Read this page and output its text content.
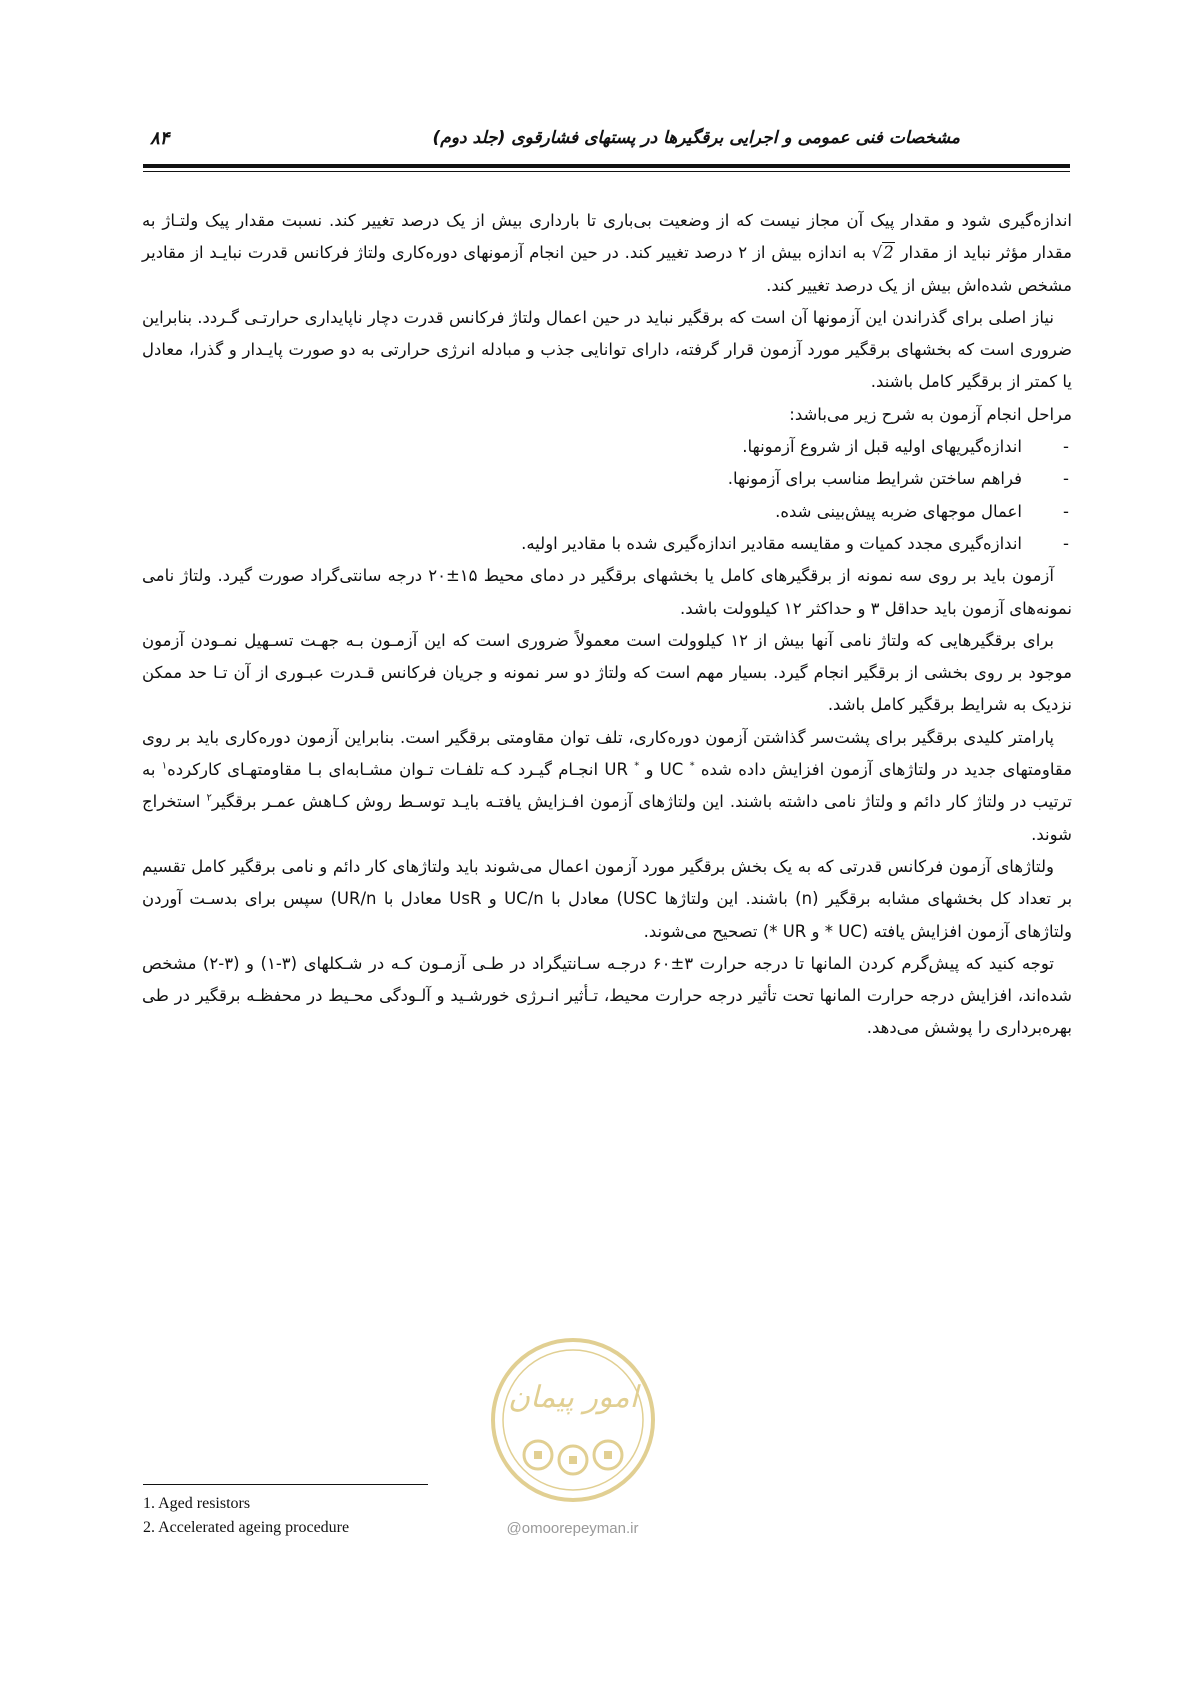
مشخصات فنی عمومی و اجرایی برقگیرها در پستهای فشارقوی (جلد دوم)
۸۴

اندازه‌گیری شود و مقدار پیک آن مجاز نیست که از وضعیت بی‌باری تا بارداری بیش از یک درصد تغییر کند. نسبت مقدار پیک ولتـاژ به مقدار مؤثر نباید از مقدار √2 به اندازه بیش از ۲ درصد تغییر کند. در حین انجام آزمونهای دوره‌کاری ولتاژ فرکانس قدرت نبایـد از مقادیر مشخص شده‌اش بیش از یک درصد تغییر کند.

نیاز اصلی برای گذراندن این آزمونها آن است که برقگیر نباید در حین اعمال ولتاژ فرکانس قدرت دچار ناپایداری حرارتـی گـردد. بنابراین ضروری است که بخشهای برقگیر مورد آزمون قرار گرفته، دارای توانایی جذب و مبادله انرژی حرارتی به دو صورت پایـدار و گذرا، معادل یا کمتر از برقگیر کامل باشند.

مراحل انجام آزمون به شرح زیر می‌باشد:

-
اندازه‌گیریهای اولیه قبل از شروع آزمونها.
-
فراهم ساختن شرایط مناسب برای آزمونها.
-
اعمال موجهای ضربه پیش‌بینی شده.
-
اندازه‌گیری مجدد کمیات و مقایسه مقادیر اندازه‌گیری شده با مقادیر اولیه.

آزمون باید بر روی سه نمونه از برقگیرهای کامل یا بخشهای برقگیر در دمای محیط ۱۵±۲۰ درجه سانتی‌گراد صورت گیرد. ولتاژ نامی نمونه‌های آزمون باید حداقل ۳ و حداکثر ۱۲ کیلوولت باشد.

برای برقگیرهایی که ولتاژ نامی آنها بیش از ۱۲ کیلوولت است معمولاً ضروری است که این آزمـون بـه جهـت تسـهیل نمـودن آزمون موجود بر روی بخشی از برقگیر انجام گیرد. بسیار مهم است که ولتاژ دو سر نمونه و جریان فرکانس قـدرت عبـوری از آن تـا حد ممکن نزدیک به شرایط برقگیر کامل باشد.

پارامتر کلیدی برقگیر برای پشت‌سر گذاشتن آزمون دوره‌کاری، تلف توان مقاومتی برقگیر است. بنابراین آزمون دوره‌کاری باید بر روی مقاومتهای جدید در ولتاژهای آزمون افزایش داده شده UC * و UR * انجـام گیـرد کـه تلفـات تـوان مشـابه‌ای بـا مقاومتهـای کارکرده$^۱$ به ترتیب در ولتاژ کار دائم و ولتاژ نامی داشته باشند. این ولتاژهای آزمون افـزایش یافتـه بایـد توسـط روش کـاهش عمـر برقگیر$^۲$ استخراج شوند.

ولتاژهای آزمون فرکانس قدرتی که به یک بخش برقگیر مورد آزمون اعمال می‌شوند باید ولتاژهای کار دائم و نامی برقگیر کامل تقسیم بر تعداد کل بخشهای مشابه برقگیر (n) باشند. این ولتاژها (USC معادل با UC/n و UsR معادل با (UR/n سپس برای بدسـت آوردن ولتاژهای آزمون افزایش یافته (UC * و UR *) تصحیح می‌شوند.

توجه کنید که پیش‌گرم کردن المانها تا درجه حرارت ۳±۶۰ درجـه سـانتیگراد در طـی آزمـون کـه در شـکلهای (۳-۱) و (۳-۲) مشخص شده‌اند، افزایش درجه حرارت المانها تحت تأثیر درجه حرارت محیط، تـأثیر انـرژی خورشـید و آلـودگی محـیط در محفظـه برقگیر در طی بهره‌برداری را پوشش می‌دهد.

امور پیمان
@omoorepeyman.ir
1. Aged resistors
2. Accelerated ageing procedure
